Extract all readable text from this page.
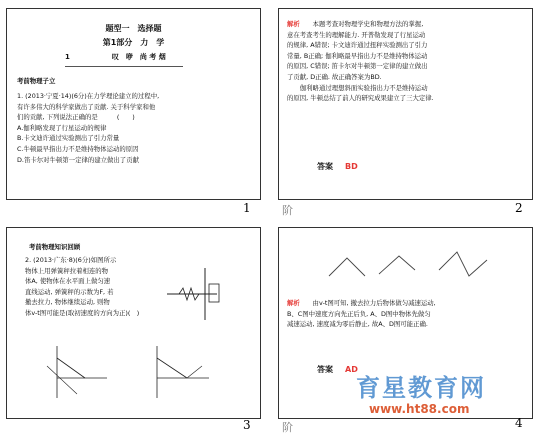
题型一　选择题
第1部分　力　学
1　　　　　　叹　咿　尚 考 烟
考前物理子立
1. (2013·宁夏·14)(6分)在力学理论建立的过程中,
有许多伟大的科学家做出了贡献. 关于科学家和他
们的贡献, 下列说法正确的是　　　(　　)
A.伽利略发现了行星运动的规律
B.卡文迪许通过实验测出了引力常量
C.牛顿最早指出力不是维持物体运动的原因
D.笛卡尔对牛顿第一定律的建立做出了贡献
1
解析　　本题考查对物理学史和物理方法的掌握,
意在考查考生的理解能力. 开普勒发现了行星运动
的规律, A错误; 卡文迪许通过扭秤实验测出了引力
常量, B正确; 伽利略最早指出力不是维持物体运动
的原因, C错误; 笛卡尔对牛顿第一定律的建立做出
了贡献, D正确. 故正确答案为BD.
　　伽利略通过理想斜面实验指出力不是维持运动
的原因, 牛顿总结了前人的研究成果建立了三大定律.
答案 BD
阶	2
考前物理知识回顾
2. (2013·广东·8)(6分)如图所示
物体上用弹簧秤拉着相连的物
体A, 使物体在水平面上做匀速
直线运动, 弹簧秤的示数为F, 若
撤去拉力, 物体继续运动, 则物
体v-t图可能是(取初速度的方向为正)(　)
3	阶
解析　　由v-t图可知, 撤去拉力后物体做匀减速运动,
B、C图中速度方向先正后负, A、D图中物体先做匀
减速运动, 速度减为零后静止, 故A、D图可能正确.
答案 AD
4
育星教育网
www.ht88.com
